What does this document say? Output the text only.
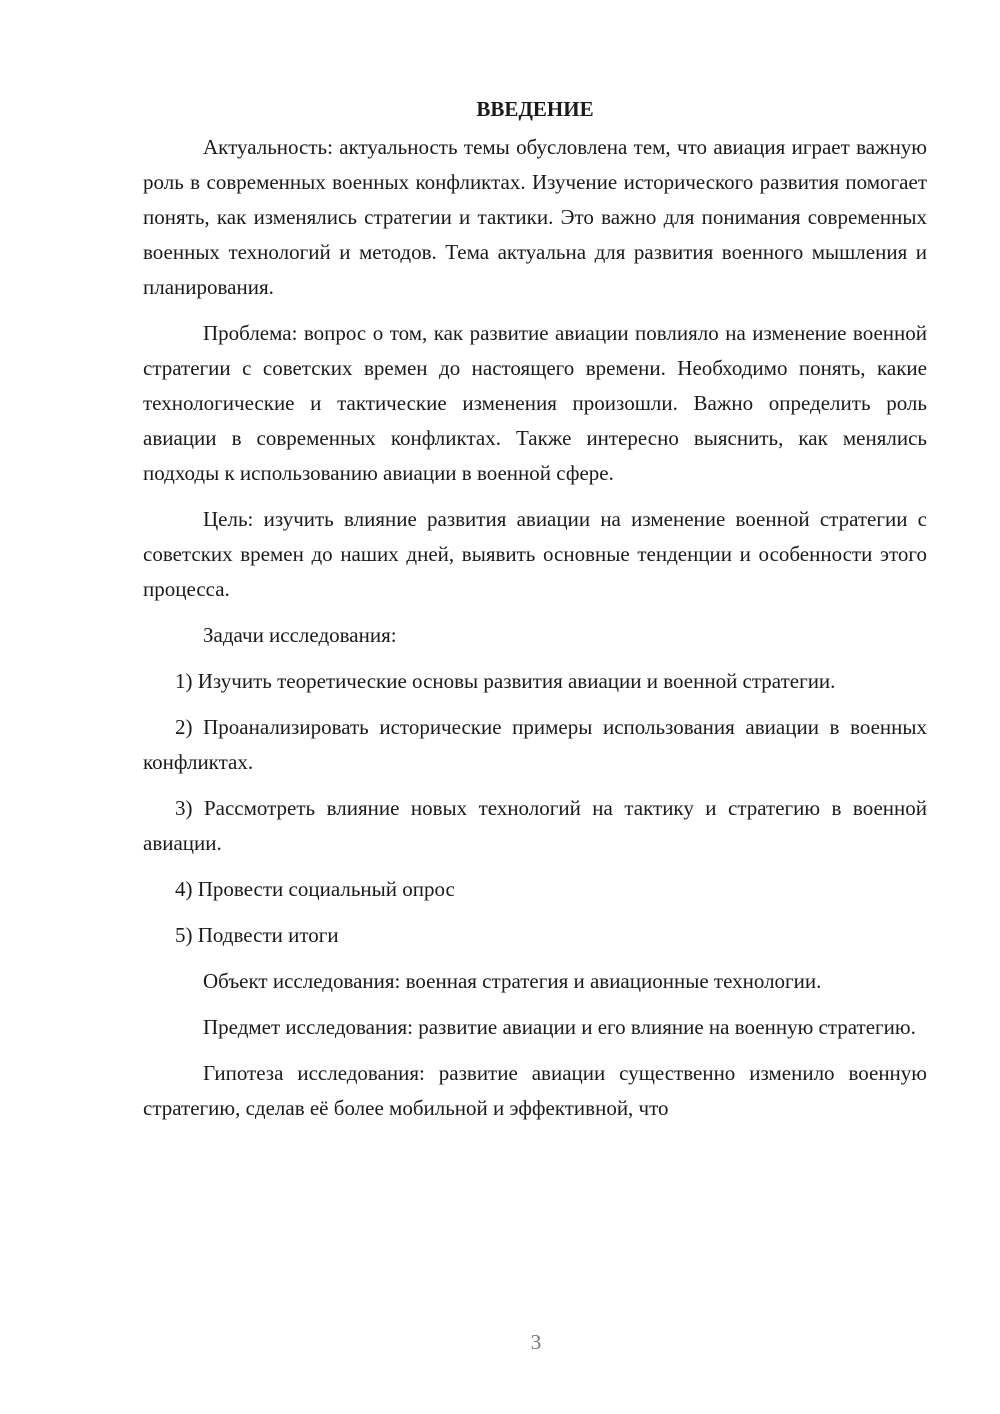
ВВЕДЕНИЕ

Актуальность: актуальность темы обусловлена тем, что авиация играет важную роль в современных военных конфликтах. Изучение исторического развития помогает понять, как изменялись стратегии и тактики. Это важно для понимания современных военных технологий и методов. Тема актуальна для развития военного мышления и планирования.

Проблема: вопрос о том, как развитие авиации повлияло на изменение военной стратегии с советских времен до настоящего времени. Необходимо понять, какие технологические и тактические изменения произошли. Важно определить роль авиации в современных конфликтах. Также интересно выяснить, как менялись подходы к использованию авиации в военной сфере.

Цель: изучить влияние развития авиации на изменение военной стратегии с советских времен до наших дней, выявить основные тенденции и особенности этого процесса.

Задачи исследования:

1) Изучить теоретические основы развития авиации и военной стратегии.

2) Проанализировать исторические примеры использования авиации в военных конфликтах.

3) Рассмотреть влияние новых технологий на тактику и стратегию в военной авиации.

4) Провести социальный опрос

5) Подвести итоги

Объект исследования: военная стратегия и авиационные технологии.

Предмет исследования: развитие авиации и его влияние на военную стратегию.

Гипотеза исследования: развитие авиации существенно изменило военную стратегию, сделав её более мобильной и эффективной, что

3
